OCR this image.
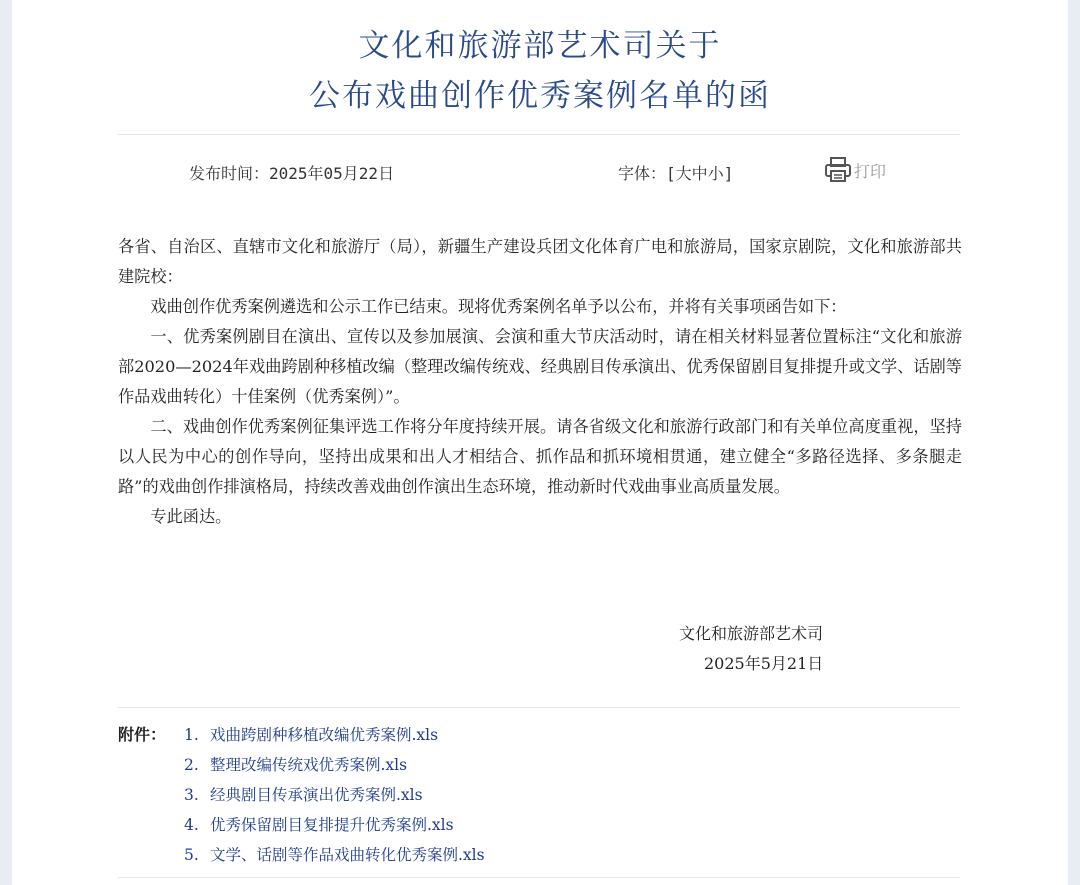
文化和旅游部艺术司关于
公布戏曲创作优秀案例名单的函
发布时间：2025年05月22日	字体：[大中小]	打印

各省、自治区、直辖市文化和旅游厅（局），新疆生产建设兵团文化体育广电和旅游局，国家京剧院，文化和旅游部共建院校：

戏曲创作优秀案例遴选和公示工作已结束。现将优秀案例名单予以公布，并将有关事项函告如下：

一、优秀案例剧目在演出、宣传以及参加展演、会演和重大节庆活动时，请在相关材料显著位置标注“文化和旅游部2020—2024年戏曲跨剧种移植改编（整理改编传统戏、经典剧目传承演出、优秀保留剧目复排提升或文学、话剧等作品戏曲转化）十佳案例（优秀案例）”。

二、戏曲创作优秀案例征集评选工作将分年度持续开展。请各省级文化和旅游行政部门和有关单位高度重视，坚持以人民为中心的创作导向，坚持出成果和出人才相结合、抓作品和抓环境相贯通，建立健全“多路径选择、多条腿走路”的戏曲创作排演格局，持续改善戏曲创作演出生态环境，推动新时代戏曲事业高质量发展。

专此函达。

文化和旅游部艺术司
2025年5月21日
附件： 1. 戏曲跨剧种移植改编优秀案例.xls
2. 整理改编传统戏优秀案例.xls
3. 经典剧目传承演出优秀案例.xls
4. 优秀保留剧目复排提升优秀案例.xls
5. 文学、话剧等作品戏曲转化优秀案例.xls
